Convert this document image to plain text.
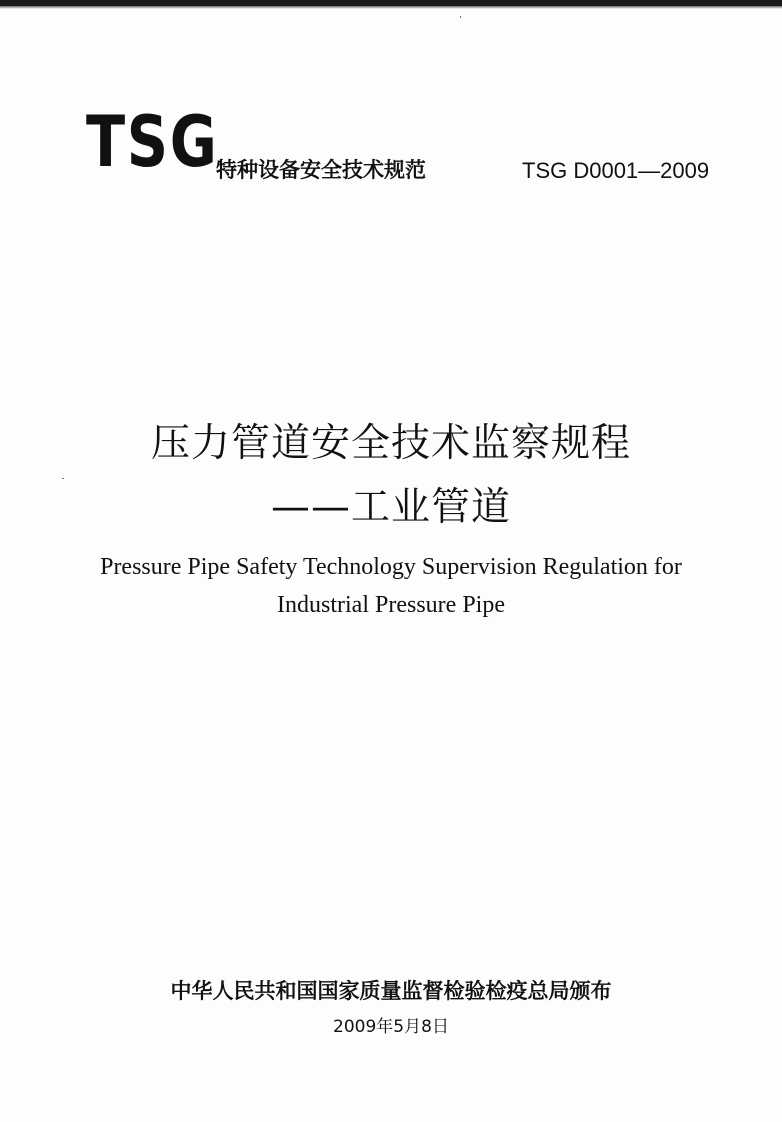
TSG
特种设备安全技术规范	TSG D0001—2009
压力管道安全技术监察规程
——工业管道
Pressure Pipe Safety Technology Supervision Regulation for
Industrial Pressure Pipe
中华人民共和国国家质量监督检验检疫总局颁布
2009年5月8日
